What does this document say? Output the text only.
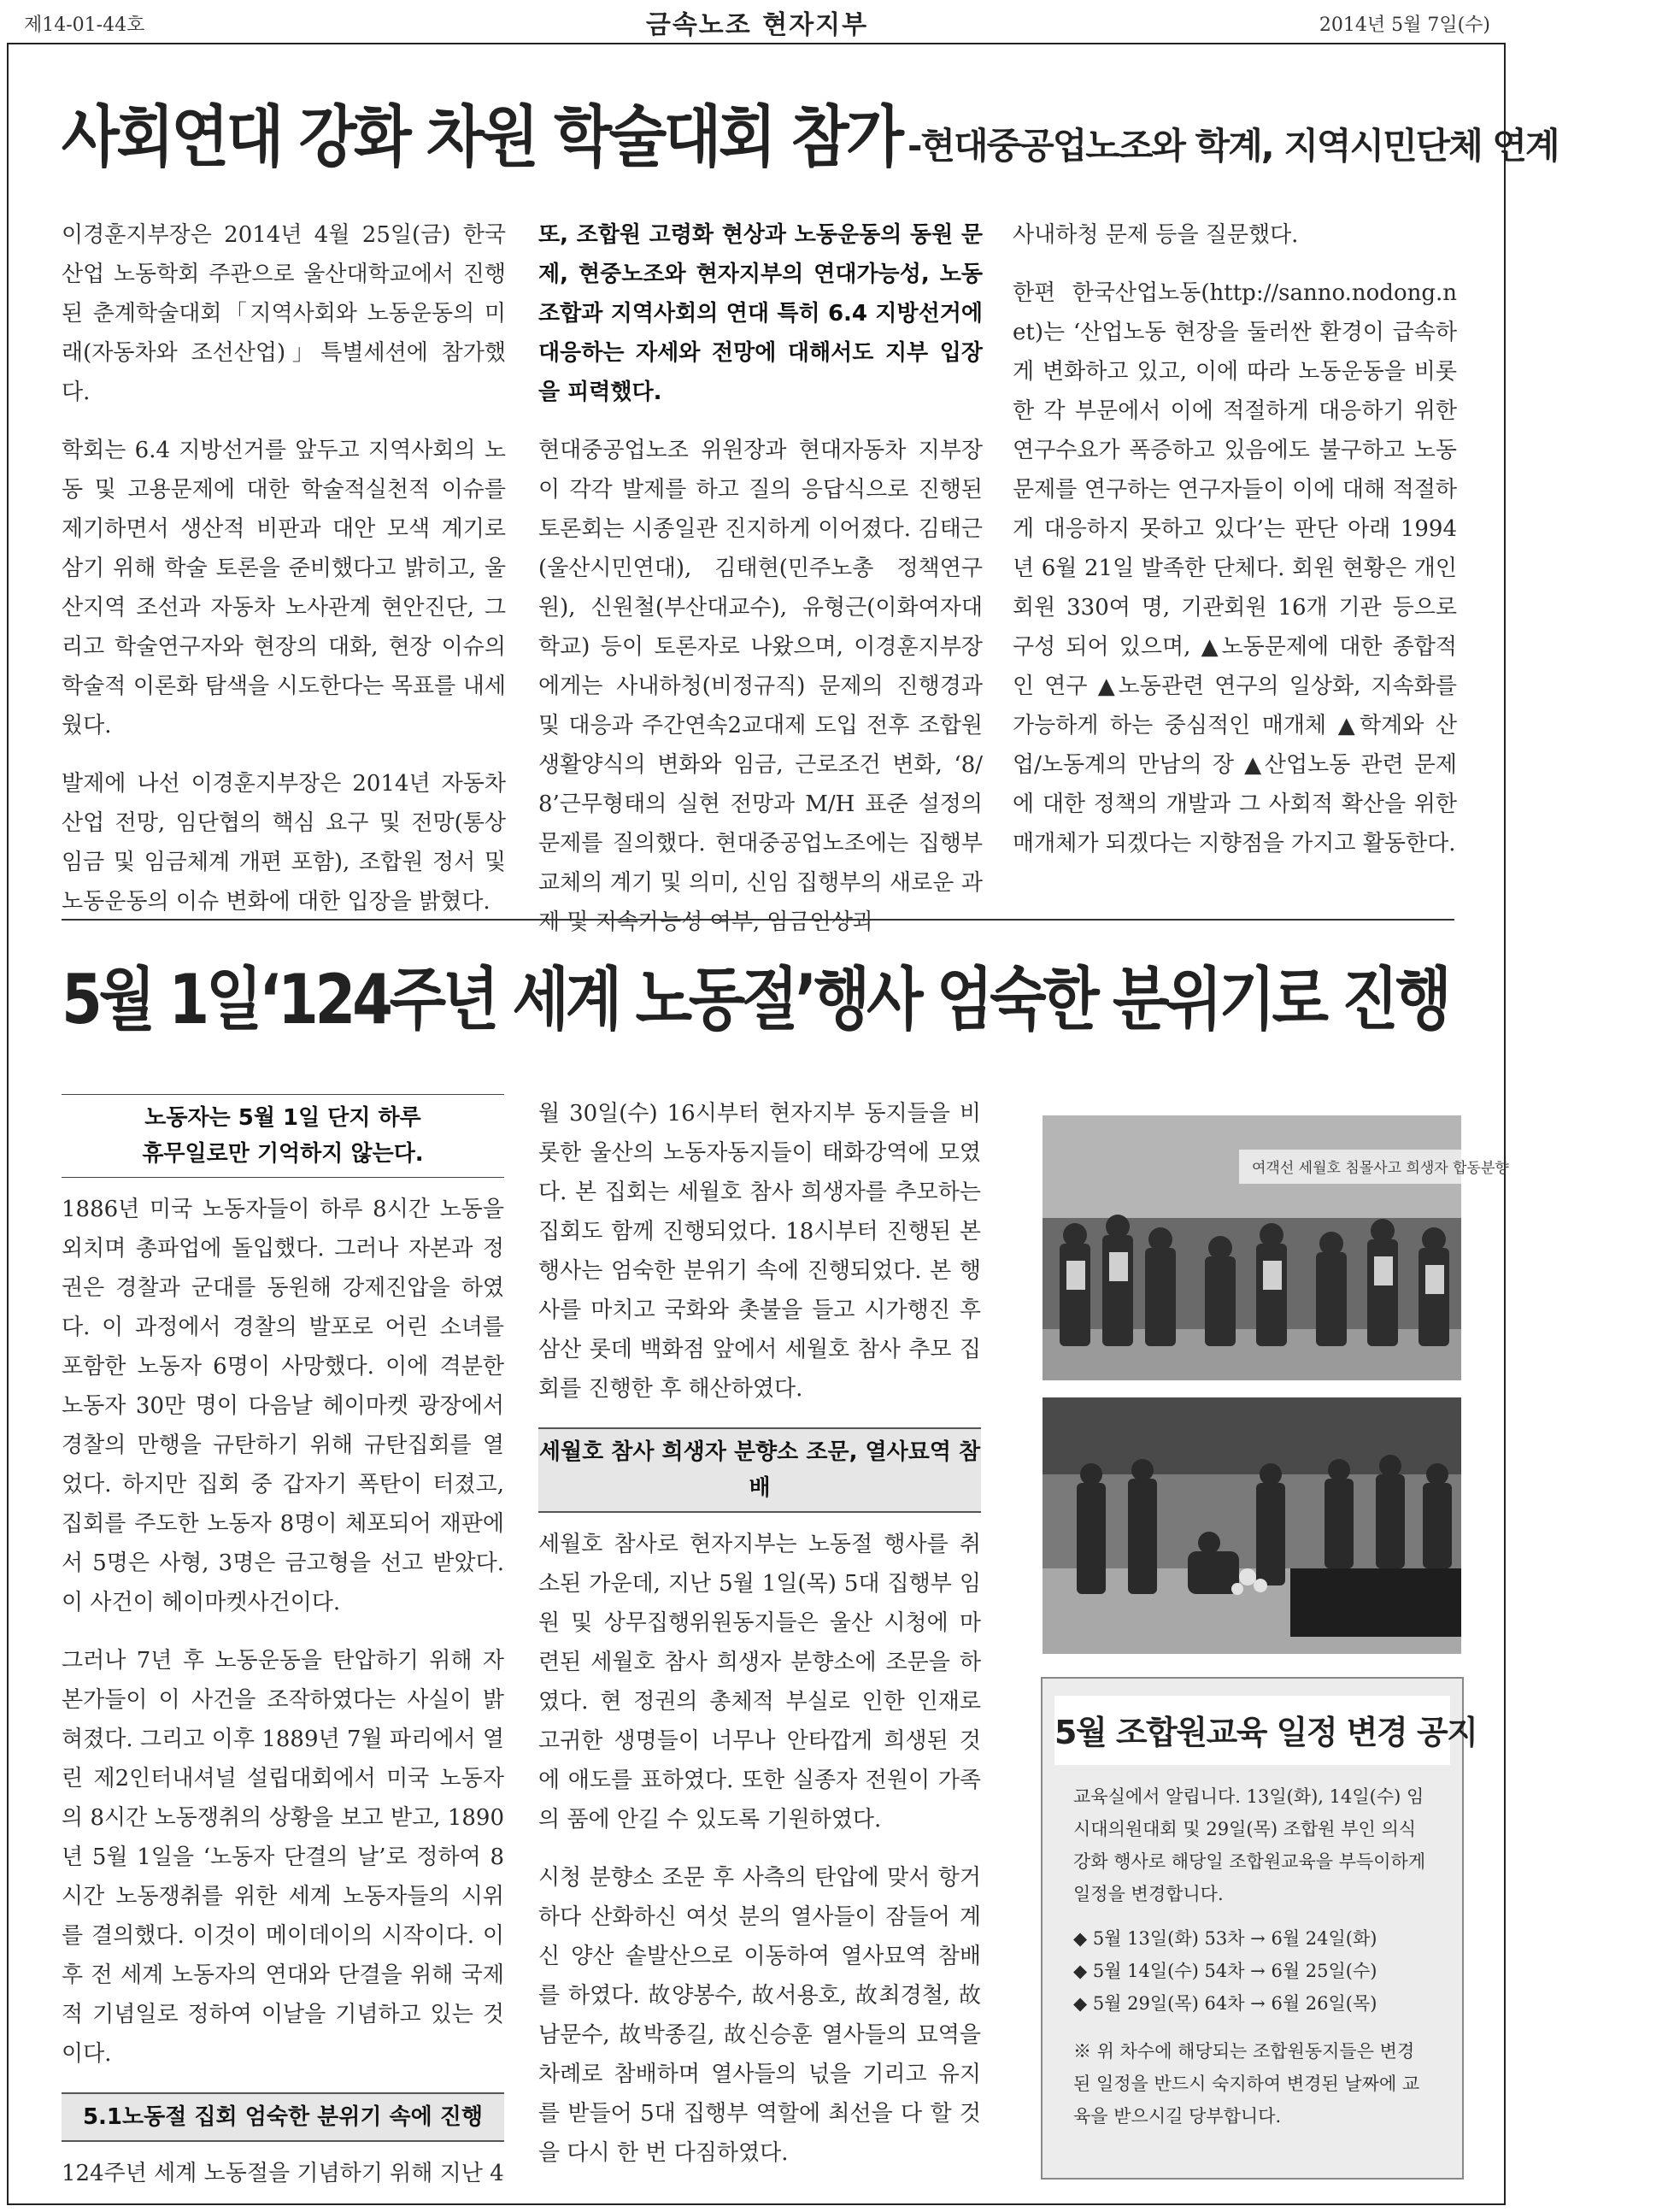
제14-01-44호	금속노조 현자지부	2014년 5월 7일(수)
사회연대 강화 차원 학술대회 참가 -현대중공업노조와 학계, 지역시민단체 연계

이경훈지부장은 2014년 4월 25일(금) 한국산업 노동학회 주관으로 울산대학교에서 진행된 춘계학술대회「지역사회와 노동운동의 미래(자동차와 조선산업)」특별세션에 참가했다.

학회는 6.4 지방선거를 앞두고 지역사회의 노동 및 고용문제에 대한 학술적실천적 이슈를 제기하면서 생산적 비판과 대안 모색 계기로 삼기 위해 학술 토론을 준비했다고 밝히고, 울산지역 조선과 자동차 노사관계 현안진단, 그리고 학술연구자와 현장의 대화, 현장 이슈의 학술적 이론화 탐색을 시도한다는 목표를 내세웠다.

발제에 나선 이경훈지부장은 2014년 자동차산업 전망, 임단협의 핵심 요구 및 전망(통상임금 및 임금체계 개편 포함), 조합원 정서 및 노동운동의 이슈 변화에 대한 입장을 밝혔다.

또, 조합원 고령화 현상과 노동운동의 동원 문제, 현중노조와 현자지부의 연대가능성, 노동조합과 지역사회의 연대 특히 6.4 지방선거에 대응하는 자세와 전망에 대해서도 지부 입장을 피력했다.

현대중공업노조 위원장과 현대자동차 지부장이 각각 발제를 하고 질의 응답식으로 진행된 토론회는 시종일관 진지하게 이어졌다. 김태근(울산시민연대), 김태현(민주노총 정책연구원), 신원철(부산대교수), 유형근(이화여자대학교) 등이 토론자로 나왔으며, 이경훈지부장에게는 사내하청(비정규직) 문제의 진행경과 및 대응과 주간연속2교대제 도입 전후 조합원 생활양식의 변화와 임금, 근로조건 변화, ‘8/8’근무형태의 실현 전망과 M/H 표준 설정의 문제를 질의했다. 현대중공업노조에는 집행부 교체의 계기 및 의미, 신임 집행부의 새로운 과제 및 지속가능성 여부, 임금인상과

사내하청 문제 등을 질문했다.

한편 한국산업노동(http://sanno.nodong.net)는 ‘산업노동 현장을 둘러싼 환경이 급속하게 변화하고 있고, 이에 따라 노동운동을 비롯한 각 부문에서 이에 적절하게 대응하기 위한 연구수요가 폭증하고 있음에도 불구하고 노동문제를 연구하는 연구자들이 이에 대해 적절하게 대응하지 못하고 있다’는 판단 아래 1994년 6월 21일 발족한 단체다. 회원 현황은 개인회원 330여 명, 기관회원 16개 기관 등으로 구성 되어 있으며, ▲노동문제에 대한 종합적인 연구 ▲노동관련 연구의 일상화, 지속화를 가능하게 하는 중심적인 매개체 ▲학계와 산업/노동계의 만남의 장 ▲산업노동 관련 문제에 대한 정책의 개발과 그 사회적 확산을 위한 매개체가 되겠다는 지향점을 가지고 활동한다.

5월 1일‘124주년 세계 노동절’행사 엄숙한 분위기로 진행
노동자는 5월 1일 단지 하루
휴무일로만 기억하지 않는다.

1886년 미국 노동자들이 하루 8시간 노동을 외치며 총파업에 돌입했다. 그러나 자본과 정권은 경찰과 군대를 동원해 강제진압을 하였다. 이 과정에서 경찰의 발포로 어린 소녀를 포함한 노동자 6명이 사망했다. 이에 격분한 노동자 30만 명이 다음날 헤이마켓 광장에서 경찰의 만행을 규탄하기 위해 규탄집회를 열었다. 하지만 집회 중 갑자기 폭탄이 터졌고, 집회를 주도한 노동자 8명이 체포되어 재판에서 5명은 사형, 3명은 금고형을 선고 받았다. 이 사건이 헤이마켓사건이다.

그러나 7년 후 노동운동을 탄압하기 위해 자본가들이 이 사건을 조작하였다는 사실이 밝혀졌다. 그리고 이후 1889년 7월 파리에서 열린 제2인터내셔널 설립대회에서 미국 노동자의 8시간 노동쟁취의 상황을 보고 받고, 1890년 5월 1일을 ‘노동자 단결의 날’로 정하여 8시간 노동쟁취를 위한 세계 노동자들의 시위를 결의했다. 이것이 메이데이의 시작이다. 이후 전 세계 노동자의 연대와 단결을 위해 국제적 기념일로 정하여 이날을 기념하고 있는 것이다.

5.1노동절 집회 엄숙한 분위기 속에 진행

124주년 세계 노동절을 기념하기 위해 지난 4

월 30일(수) 16시부터 현자지부 동지들을 비롯한 울산의 노동자동지들이 태화강역에 모였다. 본 집회는 세월호 참사 희생자를 추모하는 집회도 함께 진행되었다. 18시부터 진행된 본 행사는 엄숙한 분위기 속에 진행되었다. 본 행사를 마치고 국화와 촛불을 들고 시가행진 후 삼산 롯데 백화점 앞에서 세월호 참사 추모 집회를 진행한 후 해산하였다.

세월호 참사 희생자 분향소 조문, 열사묘역 참배

세월호 참사로 현자지부는 노동절 행사를 취소된 가운데, 지난 5월 1일(목) 5대 집행부 임원 및 상무집행위원동지들은 울산 시청에 마련된 세월호 참사 희생자 분향소에 조문을 하였다. 현 정권의 총체적 부실로 인한 인재로 고귀한 생명들이 너무나 안타깝게 희생된 것에 애도를 표하였다. 또한 실종자 전원이 가족의 품에 안길 수 있도록 기원하였다.

시청 분향소 조문 후 사측의 탄압에 맞서 항거하다 산화하신 여섯 분의 열사들이 잠들어 계신 양산 솥발산으로 이동하여 열사묘역 참배를 하였다. 故양봉수, 故서용호, 故최경철, 故남문수, 故박종길, 故신승훈 열사들의 묘역을 차례로 참배하며 열사들의 넋을 기리고 유지를 받들어 5대 집행부 역할에 최선을 다 할 것을 다시 한 번 다짐하였다.

여객선 세월호 침몰사고 희생자 합동분향
5월 조합원교육 일정 변경 공지

교육실에서 알립니다. 13일(화), 14일(수) 임시대의원대회 및 29일(목) 조합원 부인 의식강화 행사로 해당일 조합원교육을 부득이하게 일정을 변경합니다.

◆ 5월 13일(화) 53차 → 6월 24일(화)
◆ 5월 14일(수) 54차 → 6월 25일(수)
◆ 5월 29일(목) 64차 → 6월 26일(목)

※ 위 차수에 해당되는 조합원동지들은 변경된 일정을 반드시 숙지하여 변경된 날짜에 교육을 받으시길 당부합니다.
